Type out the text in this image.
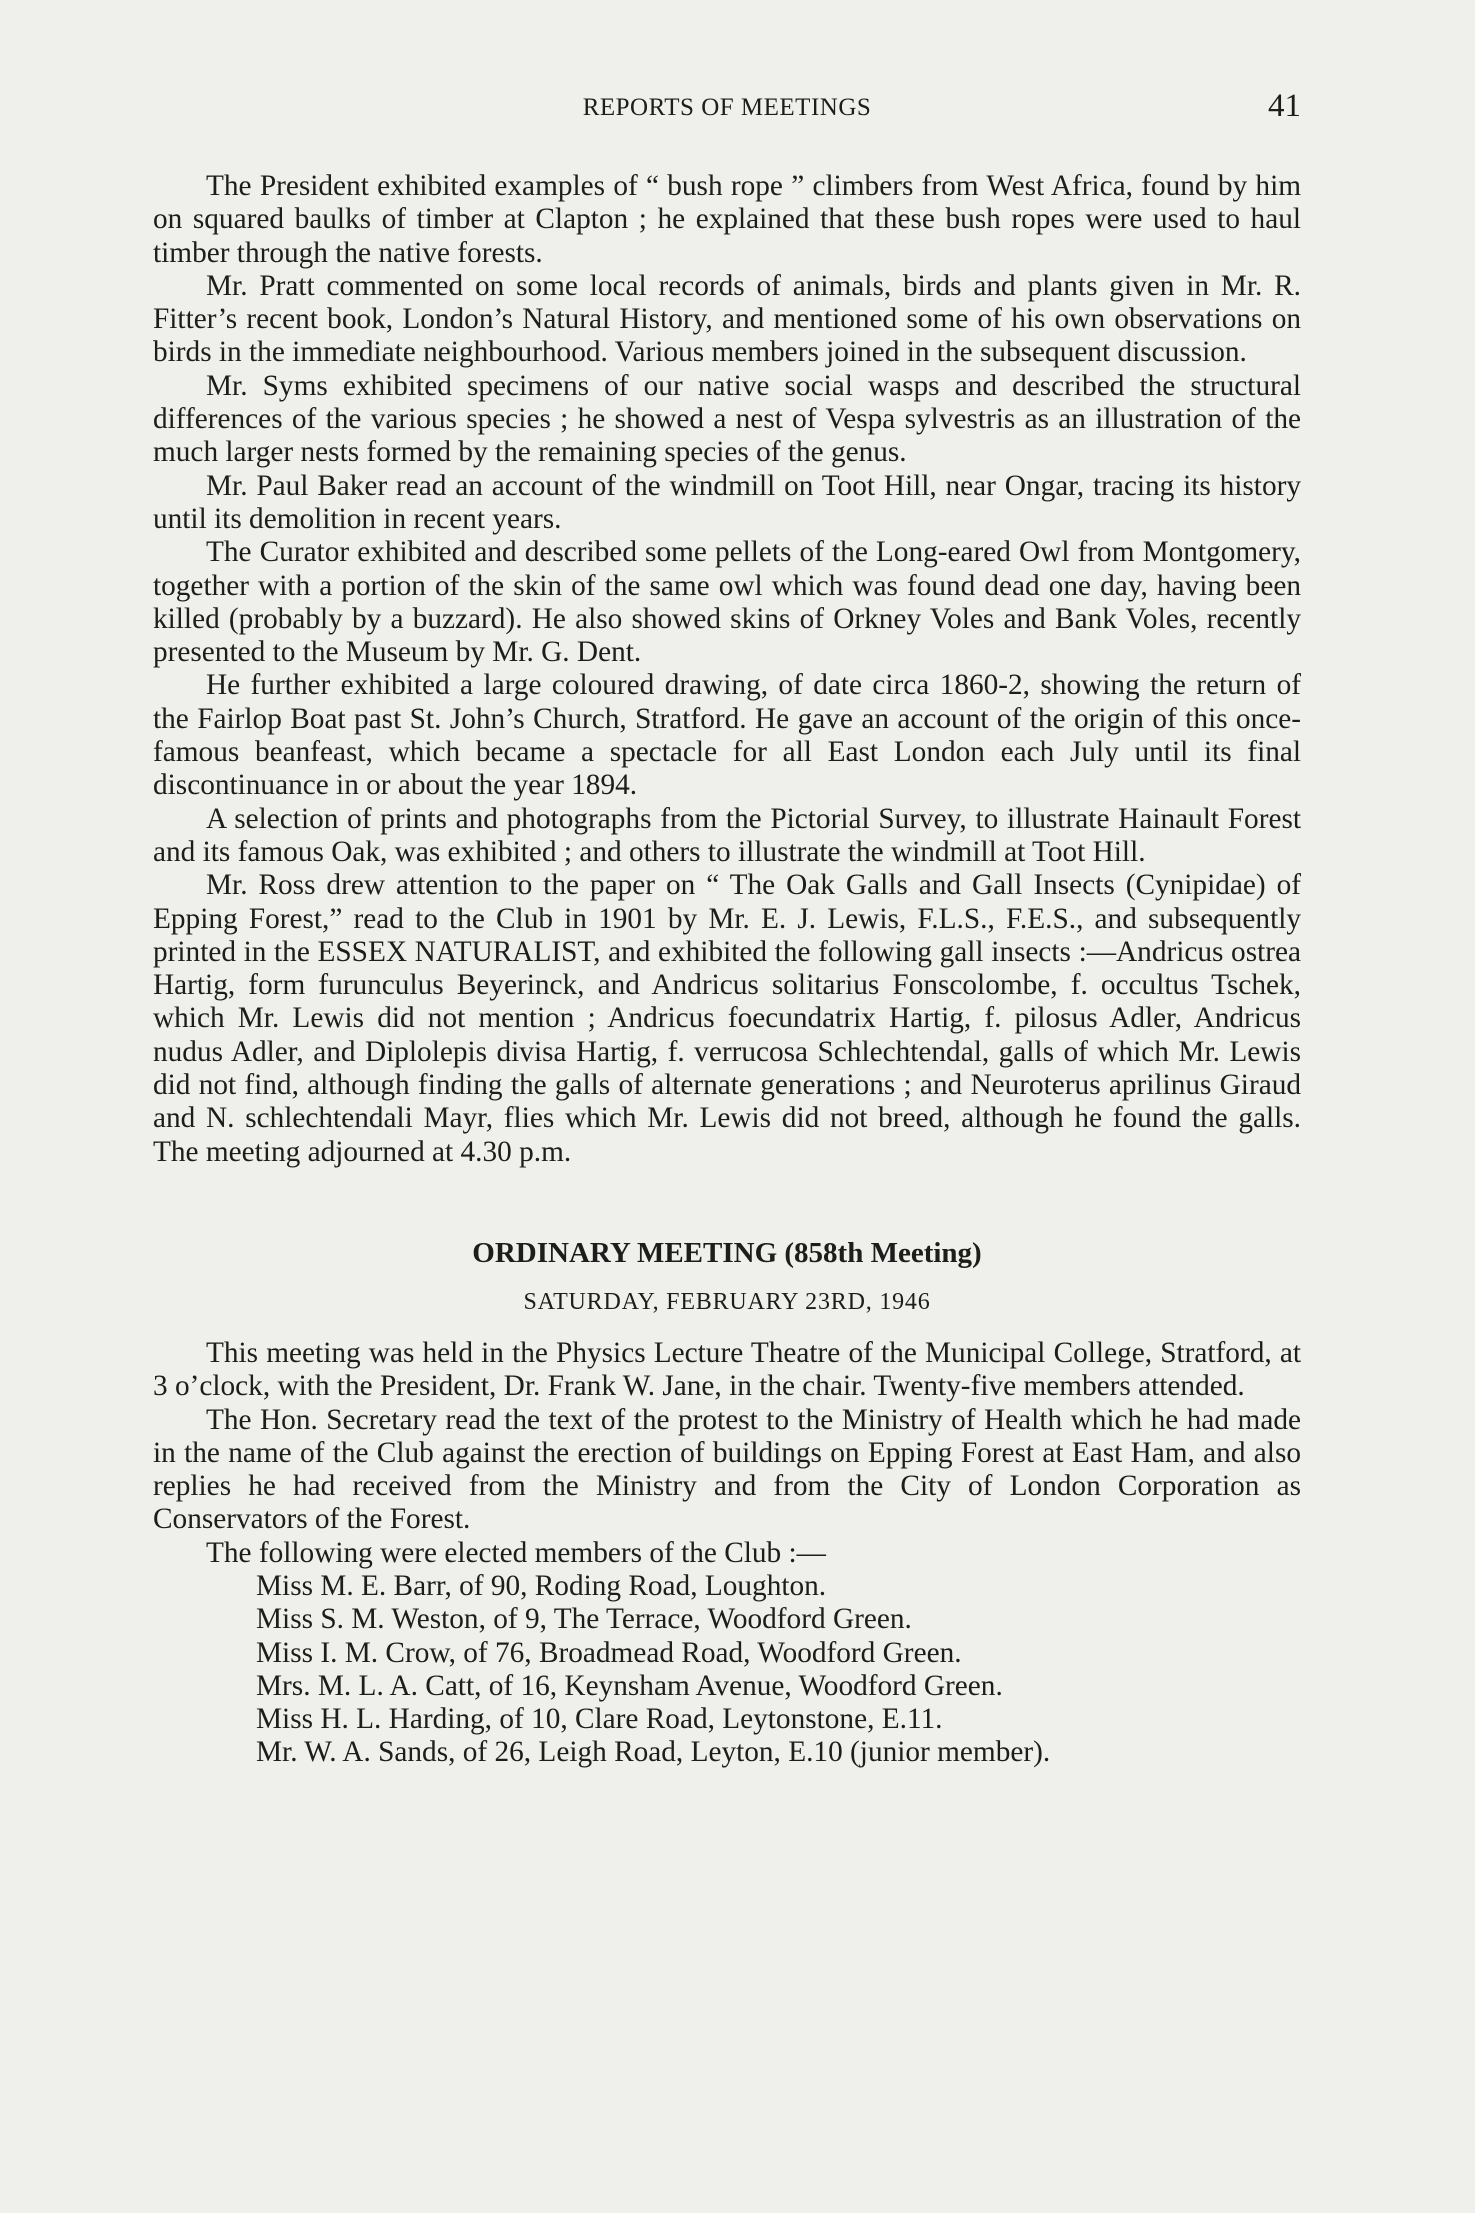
REPORTS OF MEETINGS	41

The President exhibited examples of “ bush rope ” climbers from West Africa, found by him on squared baulks of timber at Clapton ; he explained that these bush ropes were used to haul timber through the native forests.

Mr. Pratt commented on some local records of animals, birds and plants given in Mr. R. Fitter’s recent book, London’s Natural History, and mentioned some of his own observations on birds in the immediate neighbourhood. Various members joined in the subsequent discussion.

Mr. Syms exhibited specimens of our native social wasps and described the structural differences of the various species ; he showed a nest of Vespa sylvestris as an illustration of the much larger nests formed by the remaining species of the genus.

Mr. Paul Baker read an account of the windmill on Toot Hill, near Ongar, tracing its history until its demolition in recent years.

The Curator exhibited and described some pellets of the Long-eared Owl from Montgomery, together with a portion of the skin of the same owl which was found dead one day, having been killed (probably by a buzzard). He also showed skins of Orkney Voles and Bank Voles, recently presented to the Museum by Mr. G. Dent.

He further exhibited a large coloured drawing, of date circa 1860-2, showing the return of the Fairlop Boat past St. John’s Church, Stratford. He gave an account of the origin of this once-famous beanfeast, which became a spectacle for all East London each July until its final discontinuance in or about the year 1894.

A selection of prints and photographs from the Pictorial Survey, to illustrate Hainault Forest and its famous Oak, was exhibited ; and others to illustrate the windmill at Toot Hill.

Mr. Ross drew attention to the paper on “ The Oak Galls and Gall Insects (Cynipidae) of Epping Forest,” read to the Club in 1901 by Mr. E. J. Lewis, F.L.S., F.E.S., and subsequently printed in the ESSEX NATURALIST, and exhibited the following gall insects :—Andricus ostrea Hartig, form furunculus Beyerinck, and Andricus solitarius Fonscolombe, f. occultus Tschek, which Mr. Lewis did not mention ; Andricus foecundatrix Hartig, f. pilosus Adler, Andricus nudus Adler, and Diplolepis divisa Hartig, f. verrucosa Schlechtendal, galls of which Mr. Lewis did not find, although finding the galls of alternate generations ; and Neuroterus aprilinus Giraud and N. schlechtendali Mayr, flies which Mr. Lewis did not breed, although he found the galls. The meeting adjourned at 4.30 p.m.

ORDINARY MEETING (858th Meeting)
SATURDAY, FEBRUARY 23RD, 1946

This meeting was held in the Physics Lecture Theatre of the Municipal College, Stratford, at 3 o’clock, with the President, Dr. Frank W. Jane, in the chair. Twenty-five members attended.

The Hon. Secretary read the text of the protest to the Ministry of Health which he had made in the name of the Club against the erection of buildings on Epping Forest at East Ham, and also replies he had received from the Ministry and from the City of London Corporation as Conservators of the Forest.

The following were elected members of the Club :—

Miss M. E. Barr, of 90, Roding Road, Loughton.
Miss S. M. Weston, of 9, The Terrace, Woodford Green.
Miss I. M. Crow, of 76, Broadmead Road, Woodford Green.
Mrs. M. L. A. Catt, of 16, Keynsham Avenue, Woodford Green.
Miss H. L. Harding, of 10, Clare Road, Leytonstone, E.11.
Mr. W. A. Sands, of 26, Leigh Road, Leyton, E.10 (junior member).
